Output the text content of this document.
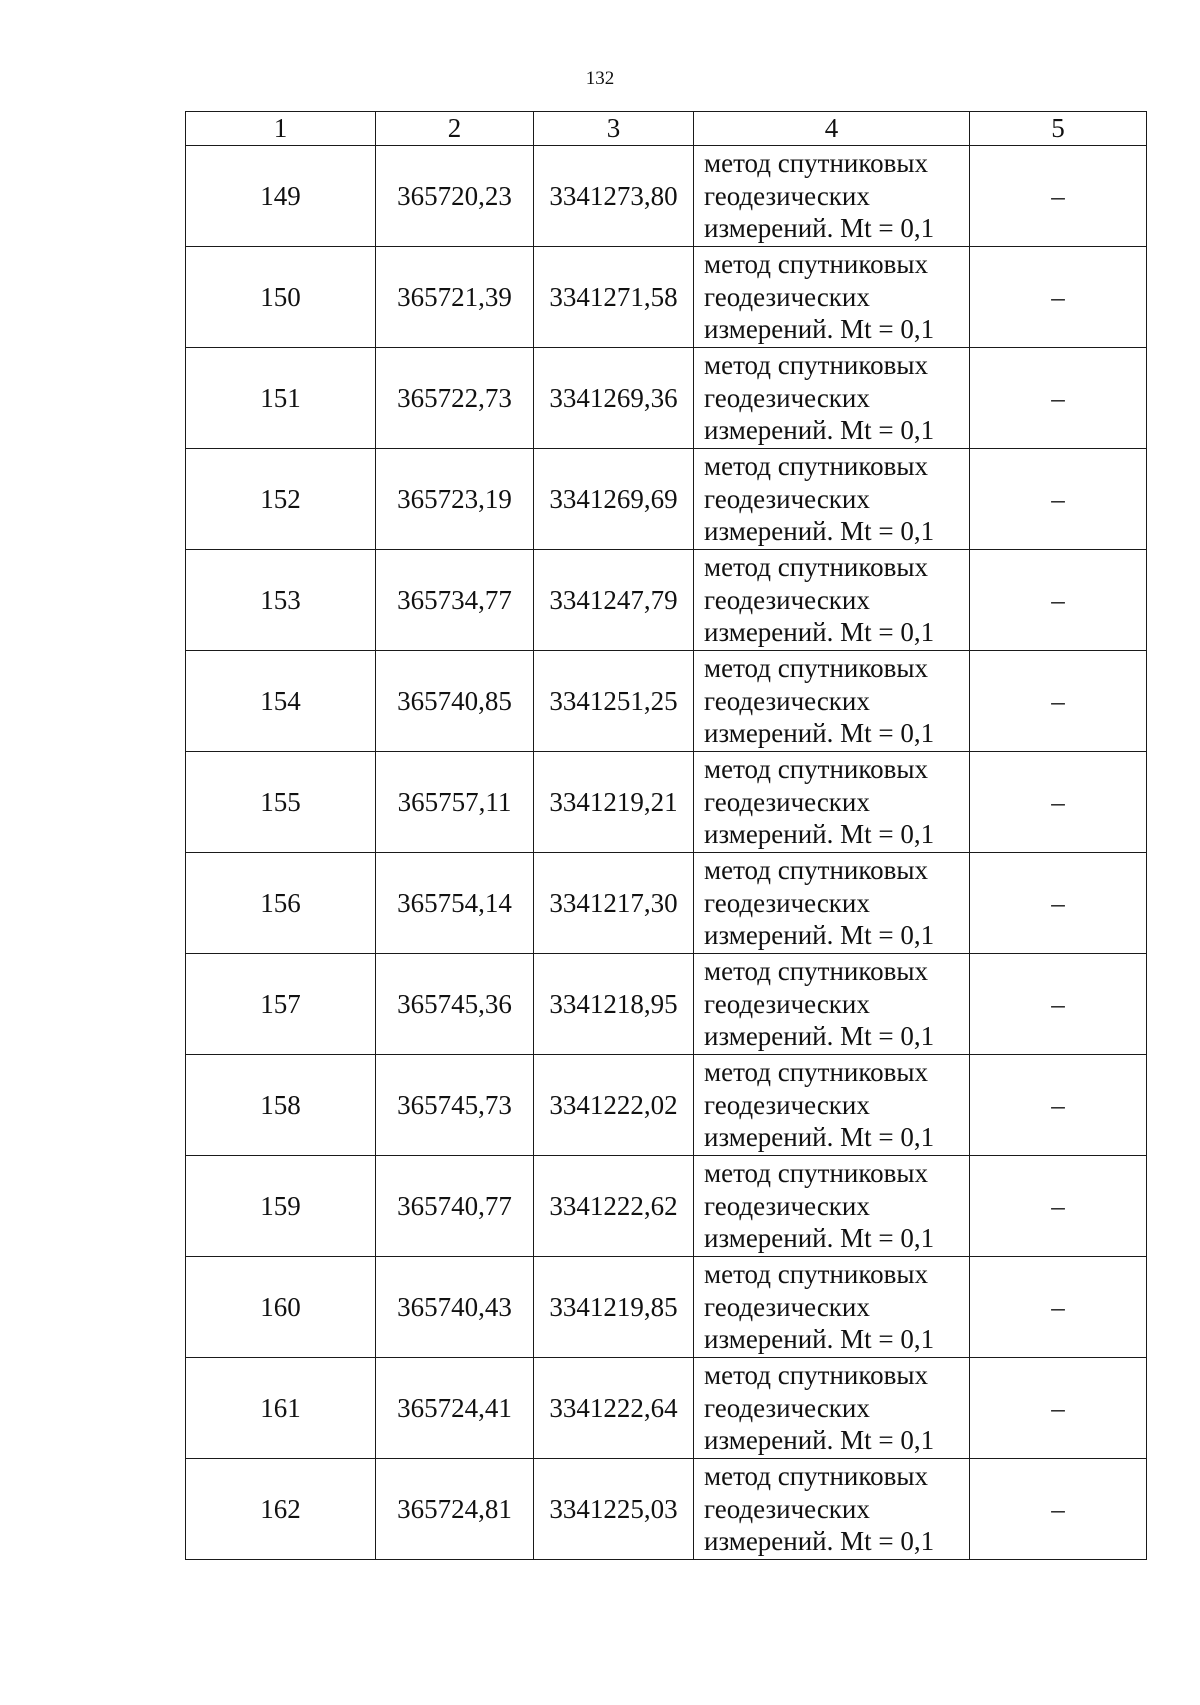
132
1	2	3	4	5
149	365720,23	3341273,80	метод спутниковых
геодезических
измерений. Mt = 0,1	–
150	365721,39	3341271,58	метод спутниковых
геодезических
измерений. Mt = 0,1	–
151	365722,73	3341269,36	метод спутниковых
геодезических
измерений. Mt = 0,1	–
152	365723,19	3341269,69	метод спутниковых
геодезических
измерений. Mt = 0,1	–
153	365734,77	3341247,79	метод спутниковых
геодезических
измерений. Mt = 0,1	–
154	365740,85	3341251,25	метод спутниковых
геодезических
измерений. Mt = 0,1	–
155	365757,11	3341219,21	метод спутниковых
геодезических
измерений. Mt = 0,1	–
156	365754,14	3341217,30	метод спутниковых
геодезических
измерений. Mt = 0,1	–
157	365745,36	3341218,95	метод спутниковых
геодезических
измерений. Mt = 0,1	–
158	365745,73	3341222,02	метод спутниковых
геодезических
измерений. Mt = 0,1	–
159	365740,77	3341222,62	метод спутниковых
геодезических
измерений. Mt = 0,1	–
160	365740,43	3341219,85	метод спутниковых
геодезических
измерений. Mt = 0,1	–
161	365724,41	3341222,64	метод спутниковых
геодезических
измерений. Mt = 0,1	–
162	365724,81	3341225,03	метод спутниковых
геодезических
измерений. Mt = 0,1	–
